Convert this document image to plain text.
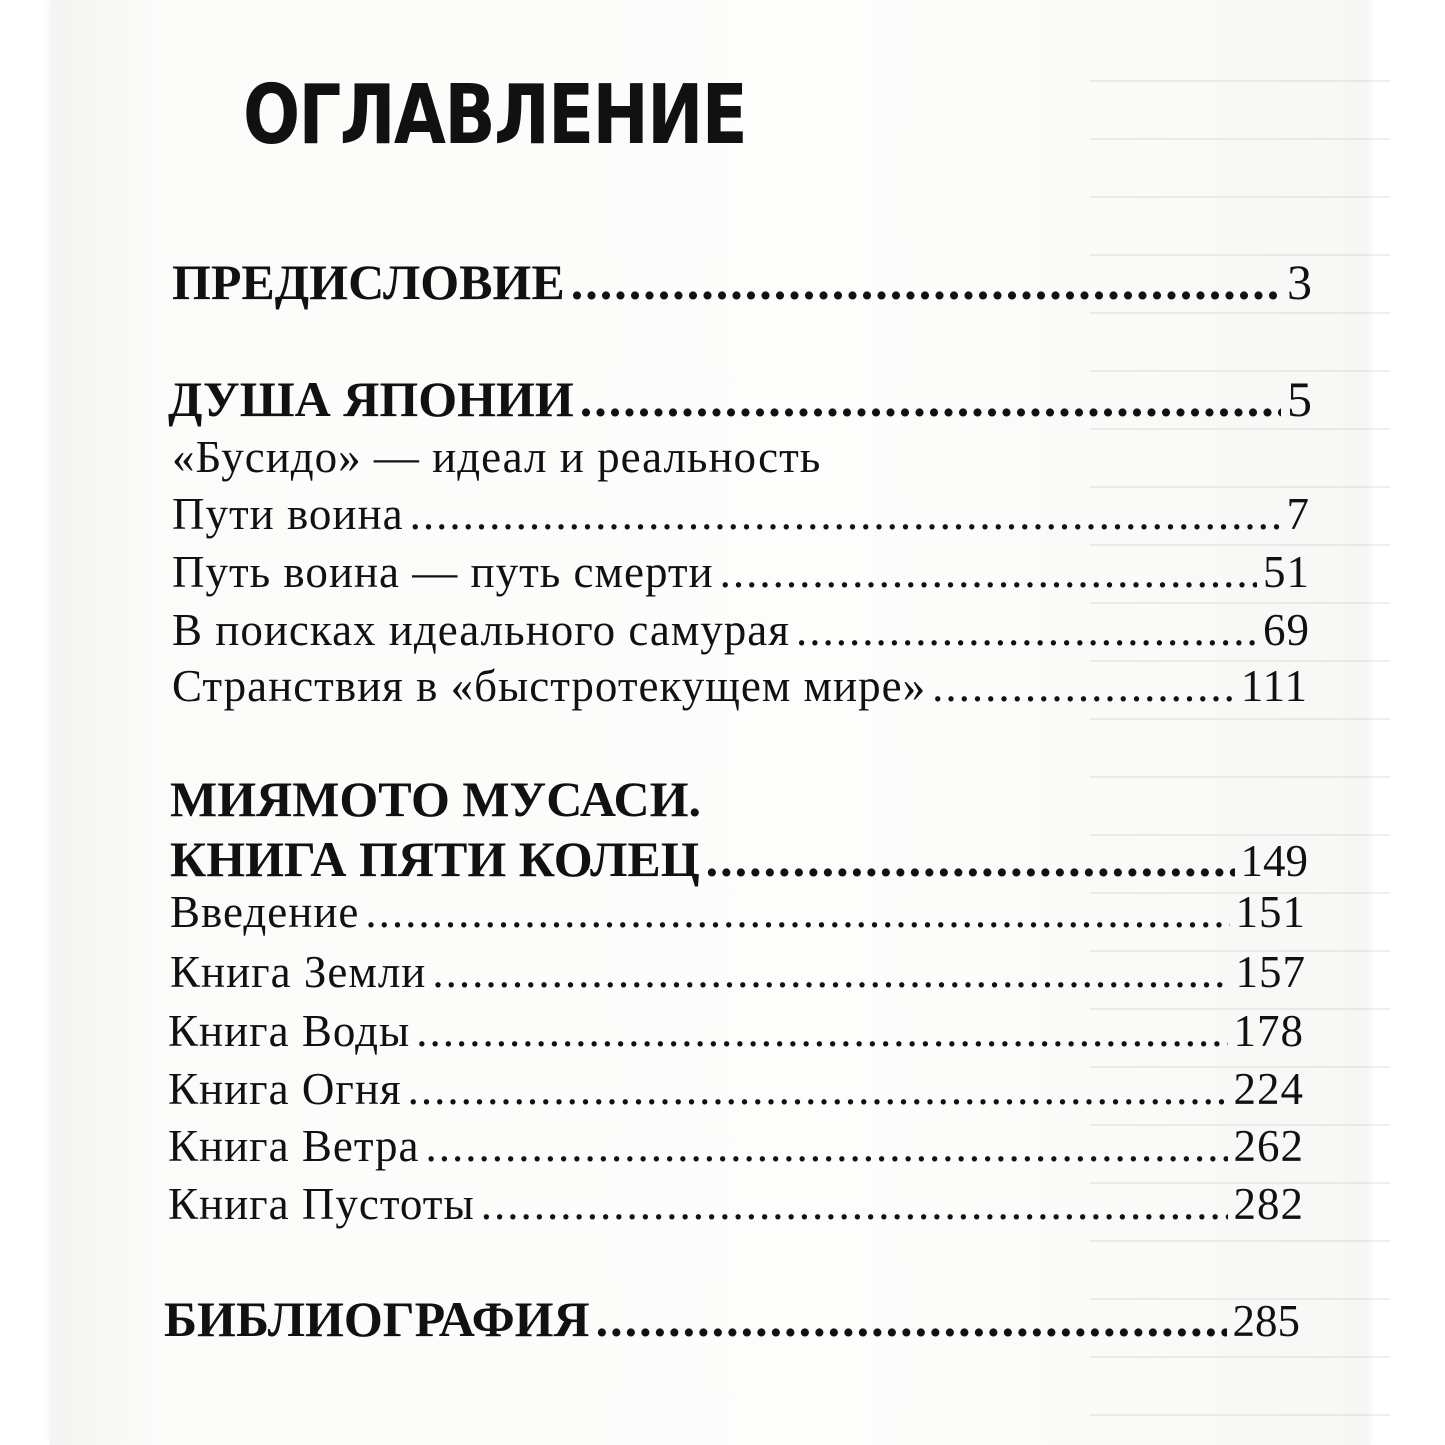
ОГЛАВЛЕНИЕ
ПРЕДИСЛОВИЕ .....	3
ДУША ЯПОНИИ .....	5
«Бусидо» — идеал и реальность
Пути воина .....	7
Путь воина — путь смерти .....	51
В поисках идеального самурая .....	69
Странствия в «быстротекущем мире» .....	111
МИЯМОТО МУСАСИ.
КНИГА ПЯТИ КОЛЕЦ .....	149
Введение .....	151
Книга Земли .....	157
Книга Воды .....	178
Книга Огня .....	224
Книга Ветра .....	262
Книга Пустоты .....	282
БИБЛИОГРАФИЯ .....	285
